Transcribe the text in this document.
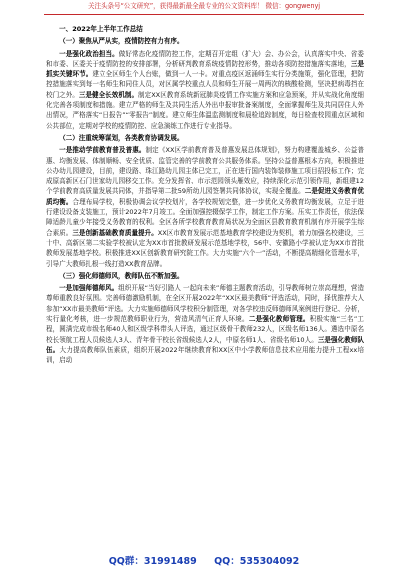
关注头条号“公文研究”，获得最新最全最专业的公文资料库！ 微信：gongwenyj

一、2022年上半年工作总结

（一）聚焦从严从实，疫情防控有力有序。

一是强化政治担当。做好常态化疫情防控工作，定期召开定组（扩大）会、办公会，认真落实中央、省委和市委、区委关于疫情防控的安排部署，分析研判教育系统疫情防控形势，推动各项防控措施落实落地，三是抓实关键环节。建立全区师生个人台账，做到一人一卡。对重点疫区返涌师生实行分类施策，强化管理，把防控措施落实到每一名师生和同住人员，对区属学校重点人员和师生开展一周两次的核酸检测，坚决把病毒挡在校门之外。三是健全长效机制。制定XX区教育系统新冠肺炎疫情工作实施方案和应急预案，并从实战化角度细化完善各项制度和措施。建立严格的师生及共同生活人外出申报审批备案制度，全面掌握师生及共同居住人外出情况，严格落实“日报告”“零报告”制度。建立师生体温监测制度和晨检追踪制度，每日检查校园重点区域和公共部位，定期对学校的疫情防控、应急演练工作进行专业指导。

（二）注重统筹谋划，各类教育协调发展。

一是推动学前教育普及普惠。制定《XX区学前教育普及普惠发展总体规划》，努力构建覆盖城乡、公益普惠、均衡发展、体制顺畅、安全优质、监管完善的学前教育公共服务体系。坚持公益普惠根本方向，积极推进公办幼儿园建设，目前，建设路、珠江路幼儿园主体已完工，正在进行国内装饰装修施工项目招投标工作；完成原高新区石门世家幼儿园移交工作。充分发挥省、市示范园领头雁效应，持续深化示范引领作用，新组建12个学前教育高质量发展共同体，并指导第二批59所幼儿园签署共同体协议，实现全覆盖。二是促进义务教育优质均衡。合理布局学校，积极协调会议学校划片，各学校规划完整，进一步优化义务教育均衡发展，立足于进行建设设备支装施工，预计2022年7月竣工。全面加强控辍保学工作，制定工作方案。压实工作责任，依法保障适龄儿童少年接受义务教育的权利。全区各所学校教育教育局状况为全面区县教育教育机制有序开展学生综合素质。三是创新基础教育质量提升。XX区市教育发展示范基地教育学校建设为契机，着力加强名校建设，三十中、高新区第二实验学校被认定为XX市首批教研发展示范基地学校，56中、安徽路小学被认定为XX市首批教师发展基地学校。积极推进XX区创新教育研究院工作。大力实施“六个一”活动，不断提高精细化管理水平，引导广大教师扎根一线打造XX教育品牌。

（三）强化师德师风，教师队伍不断加强。

一是加强师德师风。组织开展“当好引路人 一起向未来”师德主题教育活动，引导教师树立崇高理想，营造尊师重教良好氛围。完善师德激励机制，在全区开展2022年“XX区最美教师”评选活动，同时，择优推荐大人参加“XX市最美教师”评选。大力实施师德师风学校积分制管理，对各学校违反师德师风案例进行登记、分析，实行量化考核，进一步规范教师职业行为，营造风清气正育人环境。二是强化教师管理。积极实施“三名”工程，圆满完成市级名师40人和区级学科带头人评选，通过区级骨干教师232人，区级名师136人。遴选中原名校长领航工程人员候选人3人、青年骨干校长省级候选人2人，中原名师1人、省级名师10人。三是强化教师队伍。大力提高教师队伍素质，组织开展2022年继续教育和XX区中小学教师信息技术应用能力提升工程xx培训，启动

QQ群：31991489 QQ：535304092
